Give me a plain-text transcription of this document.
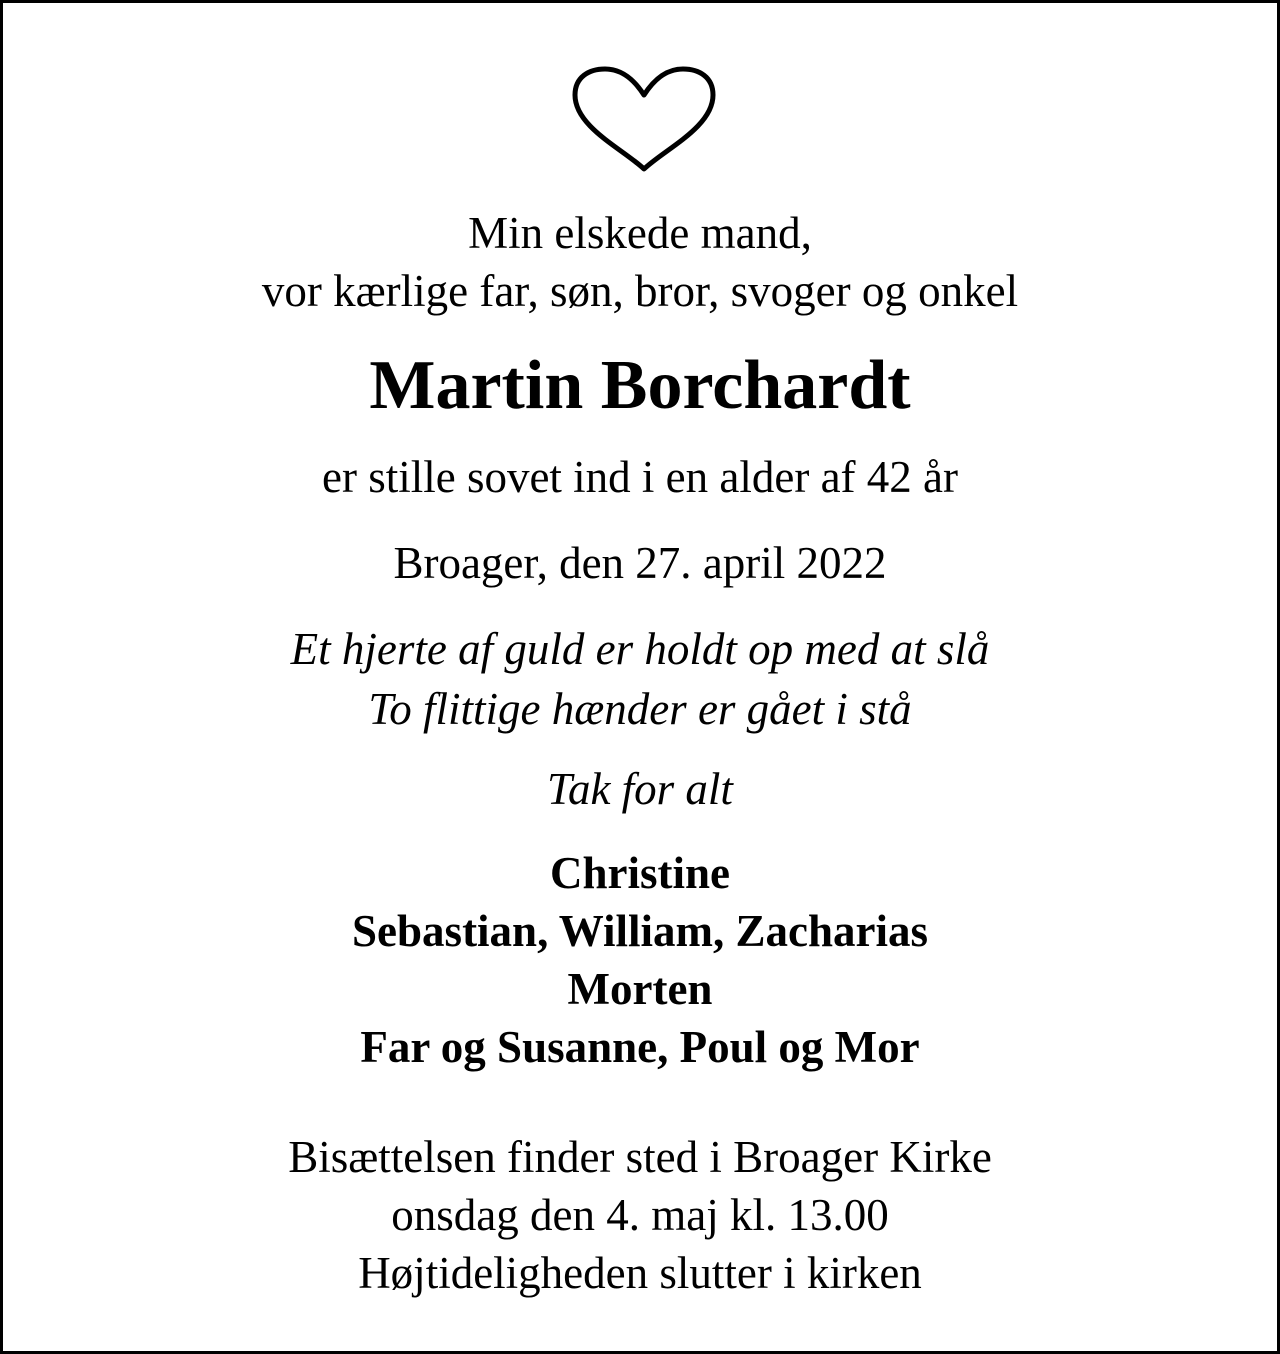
Min elskede mand,
vor kærlige far, søn, bror, svoger og onkel
Martin Borchardt
er stille sovet ind i en alder af 42 år
Broager, den 27. april 2022
Et hjerte af guld er holdt op med at slå
To flittige hænder er gået i stå
Tak for alt
Christine
Sebastian, William, Zacharias
Morten
Far og Susanne, Poul og Mor
Bisættelsen finder sted i Broager Kirke
onsdag den 4. maj kl. 13.00
Højtideligheden slutter i kirken
